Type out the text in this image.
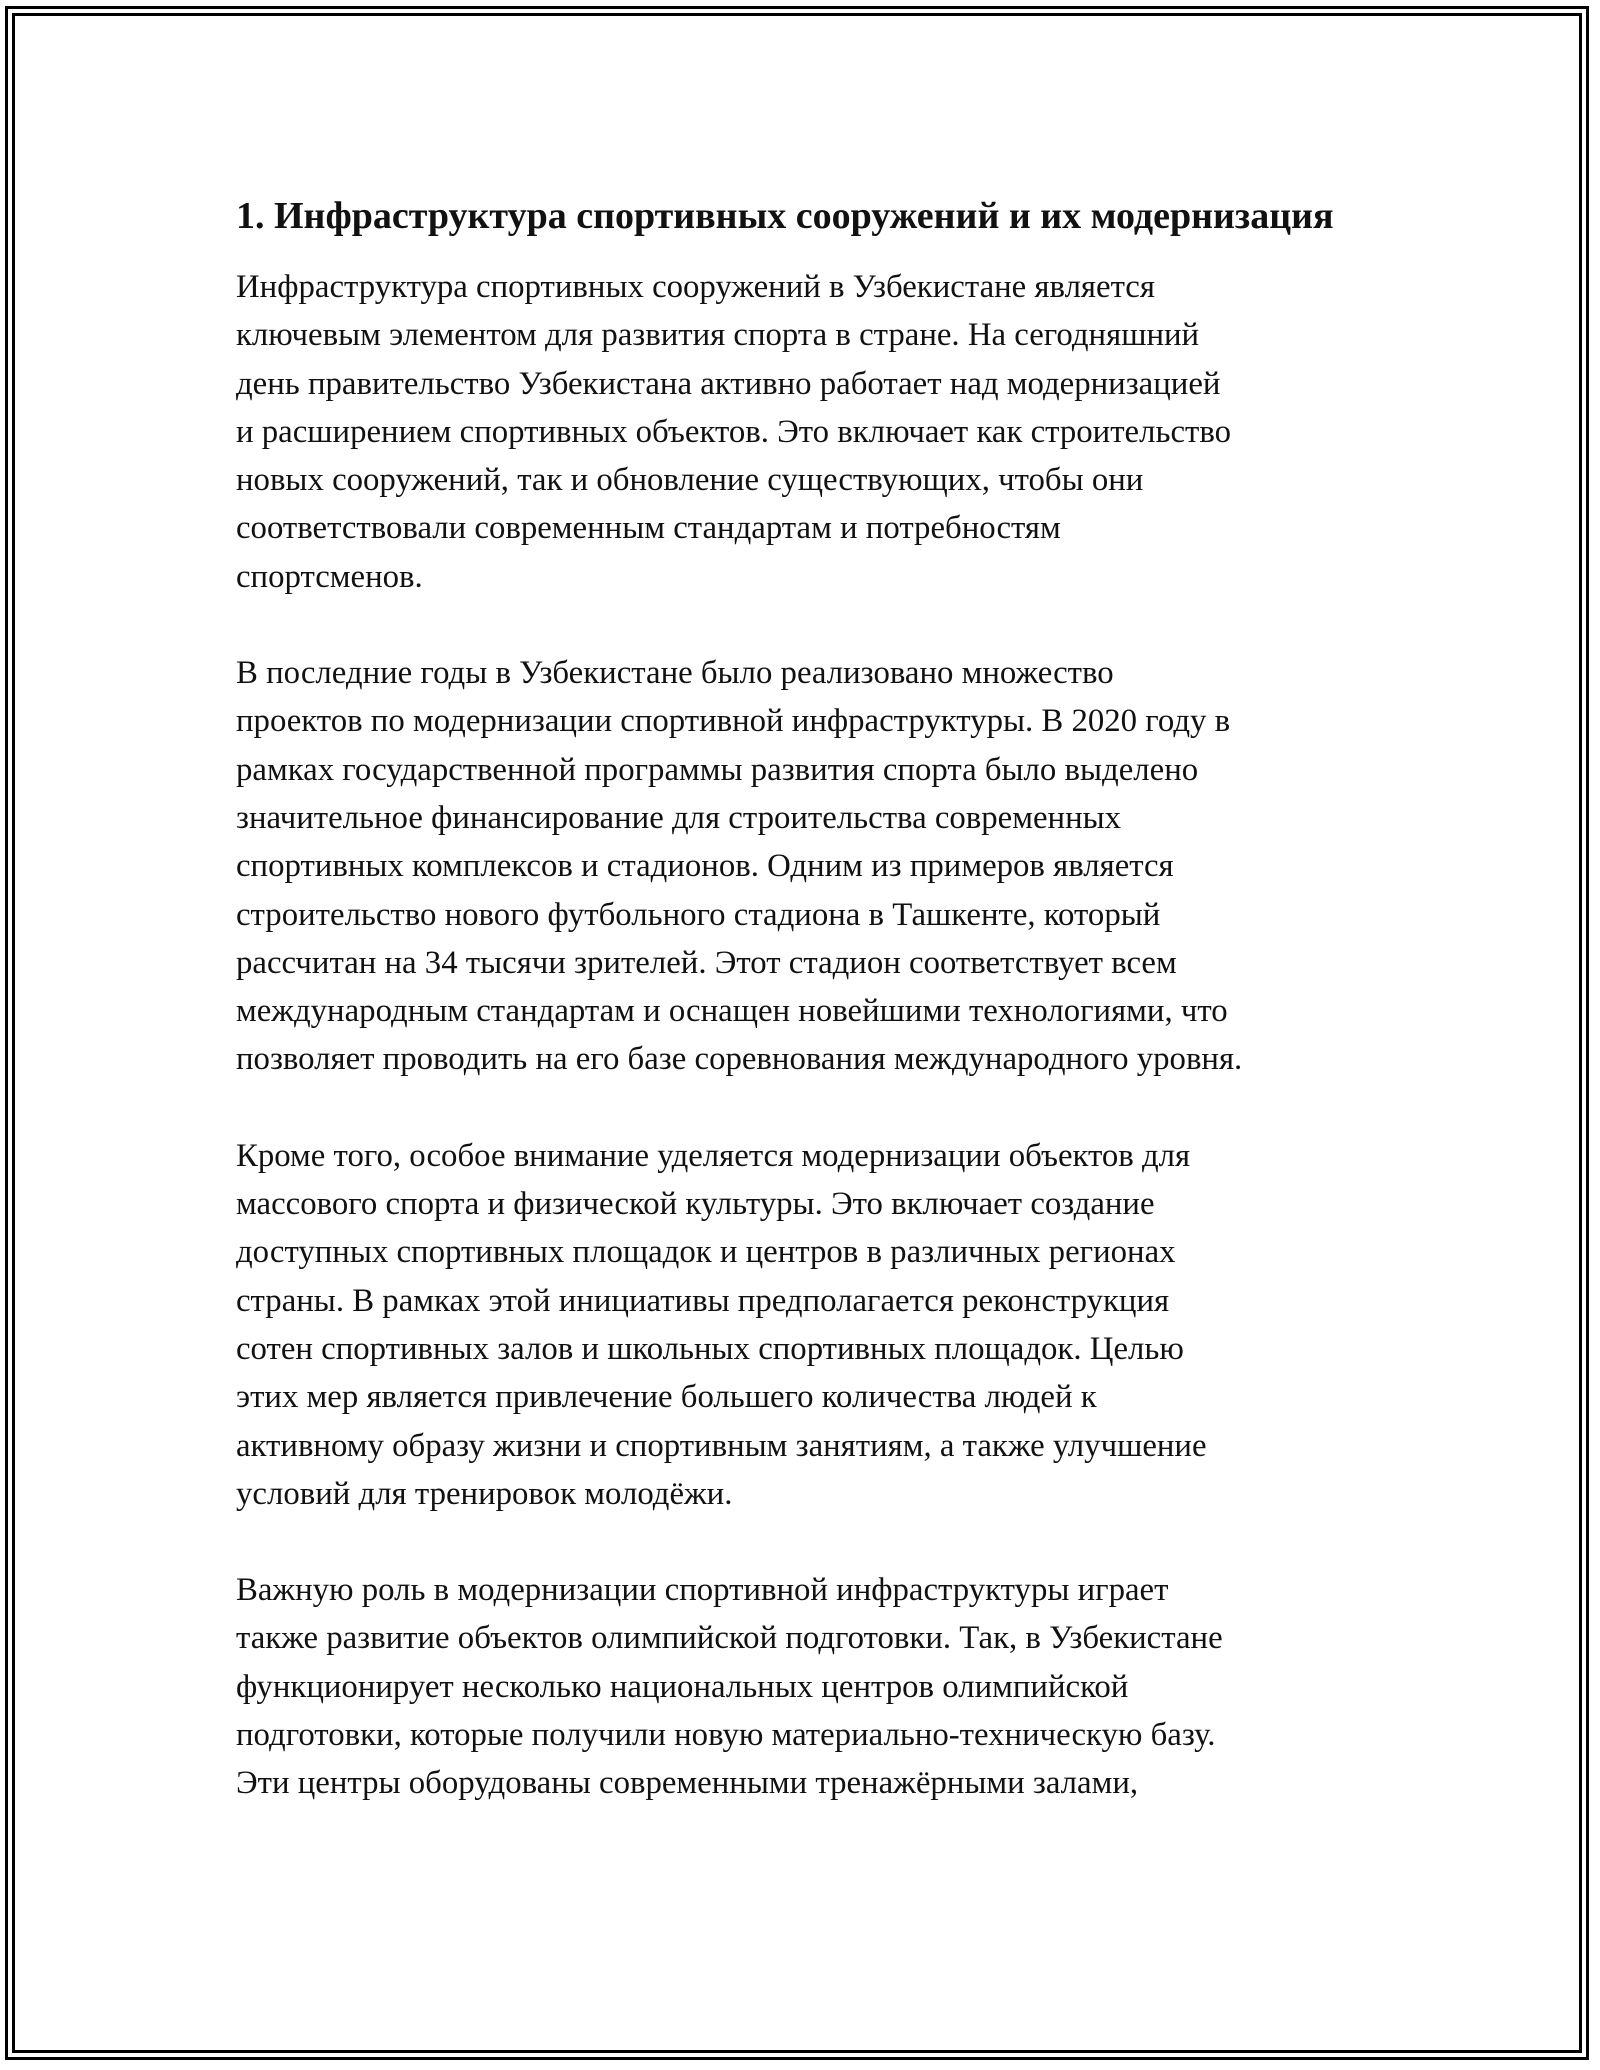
1. Инфраструктура спортивных сооружений и их модернизация

Инфраструктура спортивных сооружений в Узбекистане является
ключевым элементом для развития спорта в стране. На сегодняшний
день правительство Узбекистана активно работает над модернизацией
и расширением спортивных объектов. Это включает как строительство
новых сооружений, так и обновление существующих, чтобы они
соответствовали современным стандартам и потребностям
спортсменов.

В последние годы в Узбекистане было реализовано множество
проектов по модернизации спортивной инфраструктуры. В 2020 году в
рамках государственной программы развития спорта было выделено
значительное финансирование для строительства современных
спортивных комплексов и стадионов. Одним из примеров является
строительство нового футбольного стадиона в Ташкенте, который
рассчитан на 34 тысячи зрителей. Этот стадион соответствует всем
международным стандартам и оснащен новейшими технологиями, что
позволяет проводить на его базе соревнования международного уровня.

Кроме того, особое внимание уделяется модернизации объектов для
массового спорта и физической культуры. Это включает создание
доступных спортивных площадок и центров в различных регионах
страны. В рамках этой инициативы предполагается реконструкция
сотен спортивных залов и школьных спортивных площадок. Целью
этих мер является привлечение большего количества людей к
активному образу жизни и спортивным занятиям, а также улучшение
условий для тренировок молодёжи.

Важную роль в модернизации спортивной инфраструктуры играет
также развитие объектов олимпийской подготовки. Так, в Узбекистане
функционирует несколько национальных центров олимпийской
подготовки, которые получили новую материально-техническую базу.
Эти центры оборудованы современными тренажёрными залами,
